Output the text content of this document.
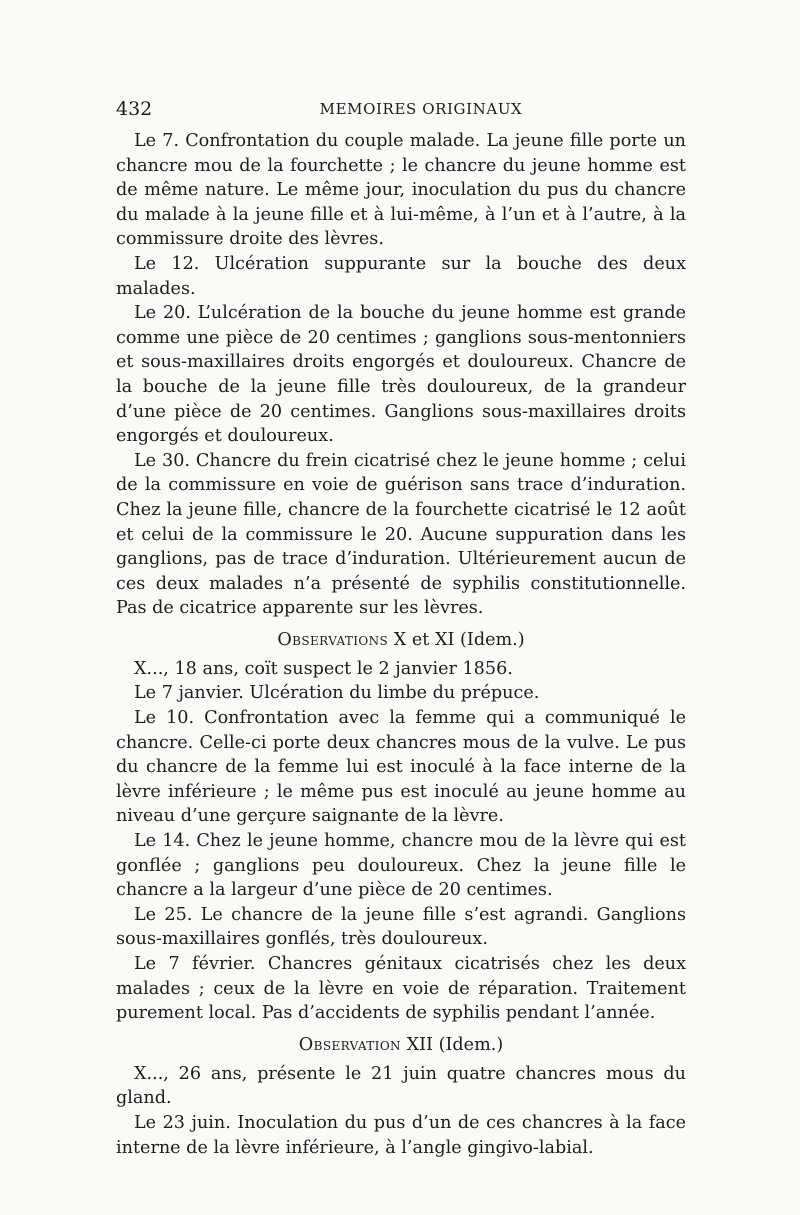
432	MEMOIRES ORIGINAUX

Le 7. Confrontation du couple malade. La jeune fille porte un chancre mou de la fourchette ; le chancre du jeune homme est de même nature. Le même jour, inoculation du pus du chancre du malade à la jeune fille et à lui-même, à l’un et à l’autre, à la commissure droite des lèvres.

Le 12. Ulcération suppurante sur la bouche des deux malades.

Le 20. L’ulcération de la bouche du jeune homme est grande comme une pièce de 20 centimes ; ganglions sous-mentonniers et sous-maxillaires droits engorgés et douloureux. Chancre de la bouche de la jeune fille très douloureux, de la grandeur d’une pièce de 20 centimes. Ganglions sous-maxillaires droits engorgés et douloureux.

Le 30. Chancre du frein cicatrisé chez le jeune homme ; celui de la commissure en voie de guérison sans trace d’induration. Chez la jeune fille, chancre de la fourchette cicatrisé le 12 août et celui de la commissure le 20. Aucune suppuration dans les ganglions, pas de trace d’induration. Ultérieurement aucun de ces deux malades n’a présenté de syphilis constitutionnelle. Pas de cicatrice apparente sur les lèvres.

Observations X et XI (Idem.)

X..., 18 ans, coït suspect le 2 janvier 1856.

Le 7 janvier. Ulcération du limbe du prépuce.

Le 10. Confrontation avec la femme qui a communiqué le chancre. Celle-ci porte deux chancres mous de la vulve. Le pus du chancre de la femme lui est inoculé à la face interne de la lèvre inférieure ; le même pus est inoculé au jeune homme au niveau d’une gerçure saignante de la lèvre.

Le 14. Chez le jeune homme, chancre mou de la lèvre qui est gonflée ; ganglions peu douloureux. Chez la jeune fille le chancre a la largeur d’une pièce de 20 centimes.

Le 25. Le chancre de la jeune fille s’est agrandi. Ganglions sous-maxillaires gonflés, très douloureux.

Le 7 février. Chancres génitaux cicatrisés chez les deux malades ; ceux de la lèvre en voie de réparation. Traitement purement local. Pas d’accidents de syphilis pendant l’année.

Observation XII (Idem.)

X..., 26 ans, présente le 21 juin quatre chancres mous du gland.

Le 23 juin. Inoculation du pus d’un de ces chancres à la face interne de la lèvre inférieure, à l’angle gingivo-labial.
